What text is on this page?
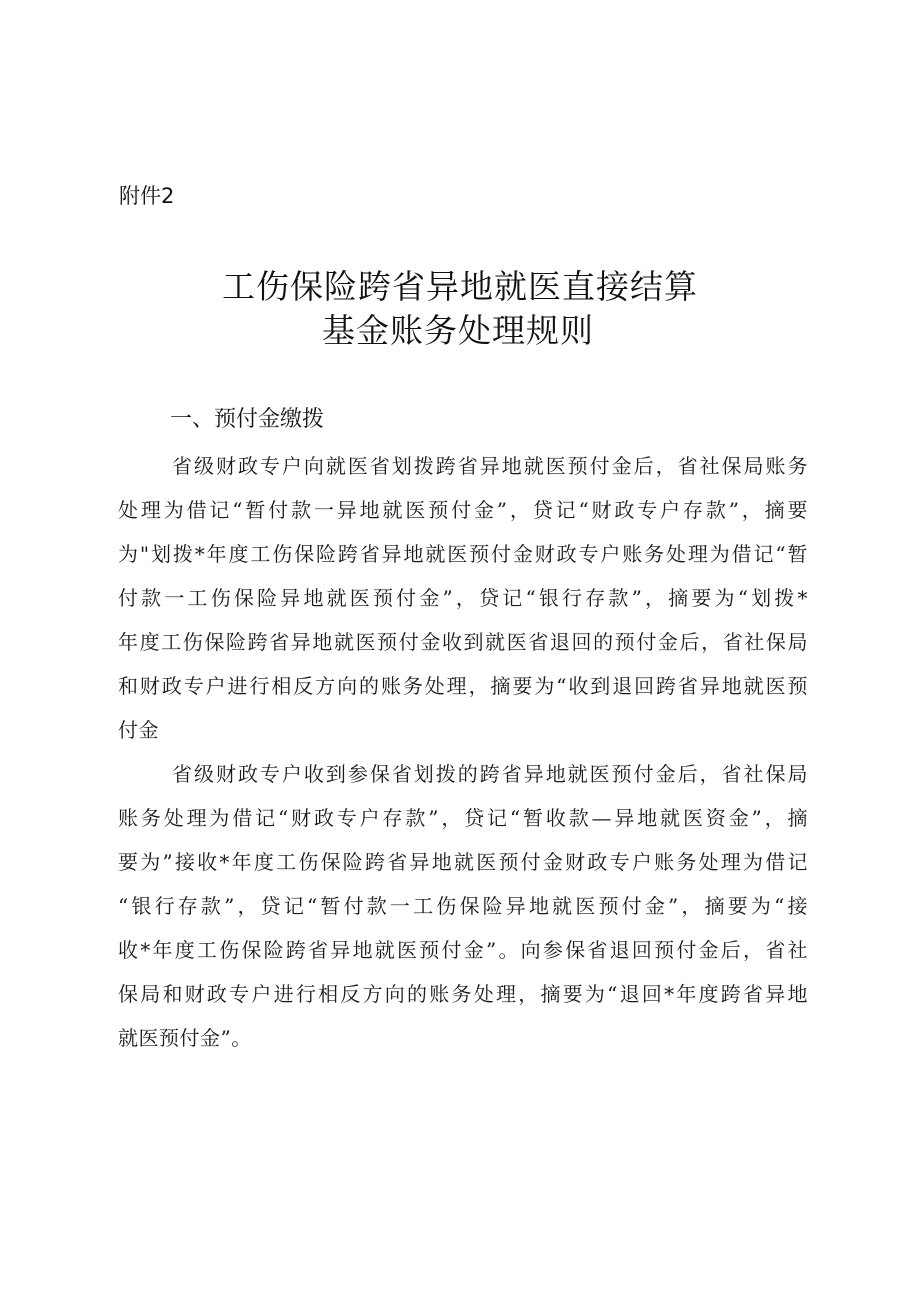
附件2
工伤保险跨省异地就医直接结算
基金账务处理规则
一、预付金缴拨
省级财政专户向就医省划拨跨省异地就医预付金后，省社保局账务
处理为借记“暂付款一异地就医预付金”，贷记“财政专户存款”，摘要
为"划拨*年度工伤保险跨省异地就医预付金财政专户账务处理为借记“暂
付款一工伤保险异地就医预付金”，贷记“银行存款”，摘要为“划拨*
年度工伤保险跨省异地就医预付金收到就医省退回的预付金后，省社保局
和财政专户进行相反方向的账务处理，摘要为“收到退回跨省异地就医预
付金
省级财政专户收到参保省划拨的跨省异地就医预付金后，省社保局
账务处理为借记“财政专户存款”，贷记“暂收款—异地就医资金”，摘
要为”接收*年度工伤保险跨省异地就医预付金财政专户账务处理为借记
“银行存款”，贷记“暂付款一工伤保险异地就医预付金”，摘要为“接
收*年度工伤保险跨省异地就医预付金”。向参保省退回预付金后，省社
保局和财政专户进行相反方向的账务处理，摘要为“退回*年度跨省异地
就医预付金”。
